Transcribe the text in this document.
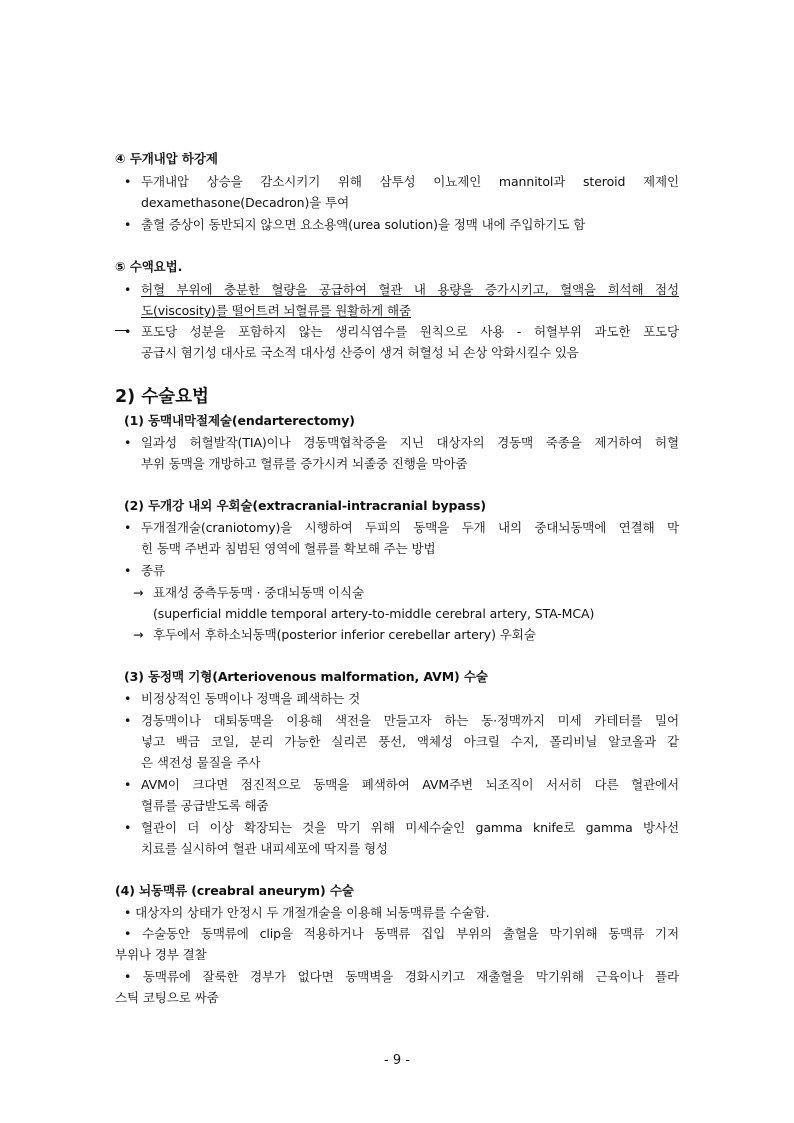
④ 두개내압 하강제
• 두개내압 상승을 감소시키기 위해 삼투성 이뇨제인 mannitol과 steroid 제제인
dexamethasone(Decadron)을 투여
• 출혈 증상이 동반되지 않으면 요소용액(urea solution)을 정맥 내에 주입하기도 함
⑤ 수액요법.
• 허혈 부위에 충분한 혈량을 공급하여 혈관 내 용량을 증가시키고, 혈액을 희석해 점성
도(viscosity)를 떨어트려 뇌혈류를 원활하게 해줌
• 포도당 성분을 포함하지 않는 생리식염수를 원칙으로 사용 - 허혈부위 과도한 포도당
공급시 혐기성 대사로 국소적 대사성 산증이 생겨 허혈성 뇌 손상 악화시킬수 있음
2) 수술요법
(1) 동맥내막절제술(endarterectomy)
• 일과성 허혈발작(TIA)이나 경동맥협착증을 지닌 대상자의 경동맥 죽종을 제거하여 허혈
부위 동맥을 개방하고 혈류를 증가시켜 뇌졸중 진행을 막아줌
(2) 두개강 내외 우회술(extracranial-intracranial bypass)
• 두개절개술(craniotomy)을 시행하여 두피의 동맥을 두개 내의 중대뇌동맥에 연결해 막
힌 동맥 주변과 침범된 영역에 혈류를 확보해 주는 방법
• 종류
→ 표재성 중측두동맥 · 중대뇌동맥 이식술
(superficial middle temporal artery-to-middle cerebral artery, STA-MCA)
→ 후두에서 후하소뇌동맥(posterior inferior cerebellar artery) 우회술
(3) 동정맥 기형(Arteriovenous malformation, AVM) 수술
• 비정상적인 동맥이나 정맥을 폐색하는 것
• 경동맥이나 대퇴동맥을 이용해 색전을 만들고자 하는 동·정맥까지 미세 카테터를 밀어
넣고 백금 코일, 분리 가능한 실리콘 풍선, 액체성 아크릴 수지, 폴리비닐 알코올과 같
은 색전성 물질을 주사
• AVM이 크다면 점진적으로 동맥을 폐색하여 AVM주변 뇌조직이 서서히 다른 혈관에서
혈류를 공급받도록 해줌
• 혈관이 더 이상 확장되는 것을 막기 위해 미세수술인 gamma knife로 gamma 방사선
치료를 실시하여 혈관 내피세포에 딱지를 형성
(4) 뇌동맥류 (creabral aneurym) 수술
• 대상자의 상태가 안정시 두 개절개술을 이용해 뇌동맥류를 수술함.
• 수술동안 동맥류에 clip을 적용하거나 동맥류 집입 부위의 출혈을 막기위해 동맥류 기저
부위나 경부 결찰
• 동맥류에 잘룩한 경부가 없다면 동맥벽을 경화시키고 재출혈을 막기위해 근육이나 플라
스틱 코팅으로 싸줌
- 9 -
